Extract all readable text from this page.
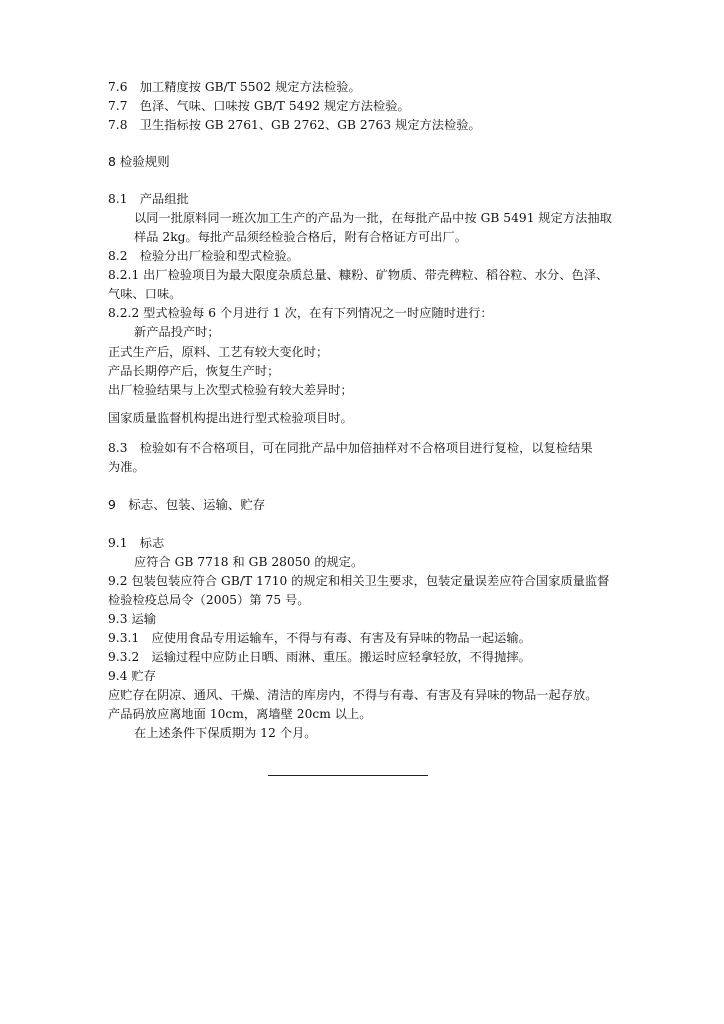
7.6　加工精度按 GB/T 5502 规定方法检验。
7.7　色泽、气味、口味按 GB/T 5492 规定方法检验。
7.8　卫生指标按 GB 2761、GB 2762、GB 2763 规定方法检验。
8 检验规则
8.1　产品组批
以同一批原料同一班次加工生产的产品为一批，在每批产品中按 GB 5491 规定方法抽取
样品 2kg。每批产品须经检验合格后，附有合格证方可出厂。
8.2　检验分出厂检验和型式检验。
8.2.1 出厂检验项目为最大限度杂质总量、糠粉、矿物质、带壳稗粒、稻谷粒、水分、色泽、
气味、口味。
8.2.2 型式检验每 6 个月进行 1 次，在有下列情况之一时应随时进行：
新产品投产时；
正式生产后，原料、工艺有较大变化时；
产品长期停产后，恢复生产时；
出厂检验结果与上次型式检验有较大差异时；
国家质量监督机构提出进行型式检验项目时。
8.3　检验如有不合格项目，可在同批产品中加倍抽样对不合格项目进行复检，以复检结果
为准。
9　标志、包装、运输、贮存
9.1　标志
应符合 GB 7718 和 GB 28050 的规定。
9.2 包装包装应符合 GB/T 1710 的规定和相关卫生要求，包装定量误差应符合国家质量监督
检验检疫总局令（2005）第 75 号。
9.3 运输
9.3.1　应使用食品专用运输车，不得与有毒、有害及有异味的物品一起运输。
9.3.2　运输过程中应防止日晒、雨淋、重压。搬运时应轻拿轻放，不得抛摔。
9.4 贮存
应贮存在阴凉、通风、干燥、清洁的库房内，不得与有毒、有害及有异味的物品一起存放。
产品码放应离地面 10cm，离墙壁 20cm 以上。
在上述条件下保质期为 12 个月。
